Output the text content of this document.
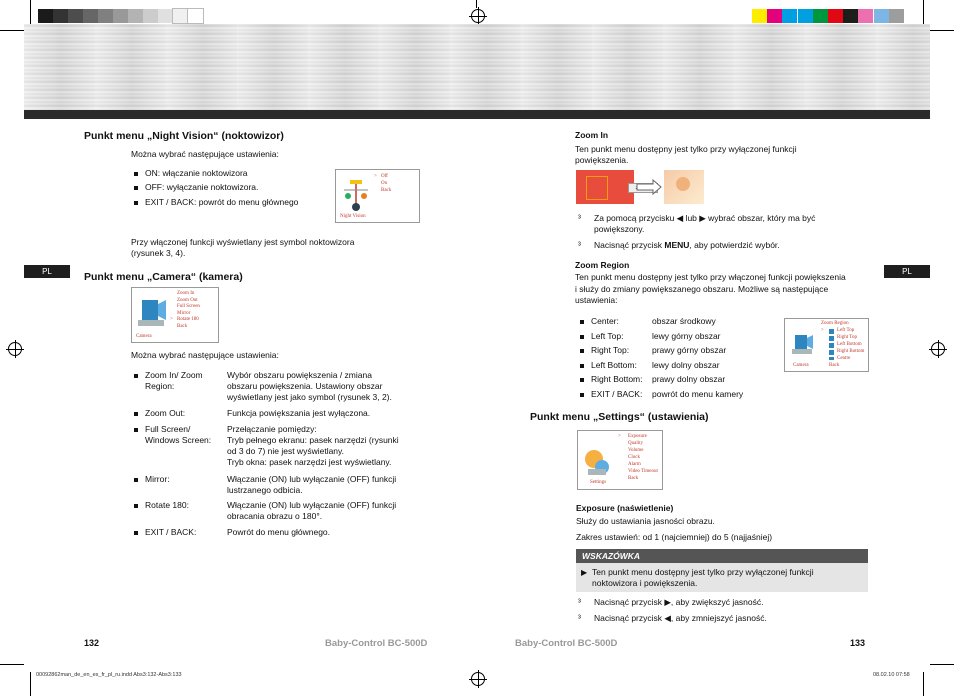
PL	PL
Punkt menu „Night Vision“ (noktowizor)
Można wybrać następujące ustawienia:
ON: włączanie noktowizora
OFF: wyłączanie noktowizora.
EXIT / BACK: powrót do menu głównego
> Off
On
Back
Night Vision
Przy włączonej funkcji wyświetlany jest symbol noktowizora
(rysunek 3, 4).
Punkt menu „Camera“ (kamera)
Zoom In
Zoom Out
Full Screen
Mirror
> Rotate 180
Back
Camera
Można wybrać następujące ustawienia:
Zoom In/ Zoom
Region:
Wybór obszaru powiększenia / zmiana
obszaru powiększenia. Ustawiony obszar
wyświetlany jest jako symbol (rysunek 3, 2).
Zoom Out:	Funkcja powiększania jest wyłączona.
Full Screen/
Windows Screen:
Przełączanie pomiędzy:
Tryb pełnego ekranu: pasek narzędzi (rysunki
od 3 do 7) nie jest wyświetlany.
Tryb okna: pasek narzędzi jest wyświetlany.
Mirror:	Włączanie (ON) lub wyłączanie (OFF) funkcji
lustrzanego odbicia.
Rotate 180:	Włączanie (ON) lub wyłączanie (OFF) funkcji
obracania obrazu o 180°.
EXIT / BACK:	Powrót do menu głównego.
132	Baby-Control BC-500D
Zoom In
Ten punkt menu dostępny jest tylko przy wyłączonej funkcji
powiększenia.
³ Za pomocą przycisku ◀ lub ▶ wybrać obszar, który ma być
powiększony.
³ Nacisnąć przycisk MENU, aby potwierdzić wybór.
Zoom Region
Ten punkt menu dostępny jest tylko przy włączonej funkcji powiększenia
i służy do zmiany powiększanego obszaru. Możliwe są następujące
ustawienia:
Center:	obszar środkowy
Left Top:	lewy górny obszar
Right Top:	prawy górny obszar
Left Bottom: lewy dolny obszar
Right Bottom: prawy dolny obszar
EXIT / BACK: powrót do menu kamery
Zoom Region
>	Left Top
Right Top
Left Bottom
Right Bottom
Centre
Camera	Back
Punkt menu „Settings“ (ustawienia)
> Exposure
Quality
Volume
Clock
Alarm
Video Timeout
Back
Settings
Exposure (naświetlenie)
Służy do ustawiania jasności obrazu.
Zakres ustawień: od 1 (najciemniej) do 5 (najjaśniej)
WSKAZÓWKA
▶ Ten punkt menu dostępny jest tylko przy wyłączonej funkcji
noktowizora i powiększenia.
³ Nacisnąć przycisk ▶, aby zwiększyć jasność.
³ Nacisnąć przycisk ◀, aby zmniejszyć jasność.
Baby-Control BC-500D	133
00092862man_de_en_es_fr_pl_ru.indd Abs3:132-Abs3:133	08.02.10 07:58
